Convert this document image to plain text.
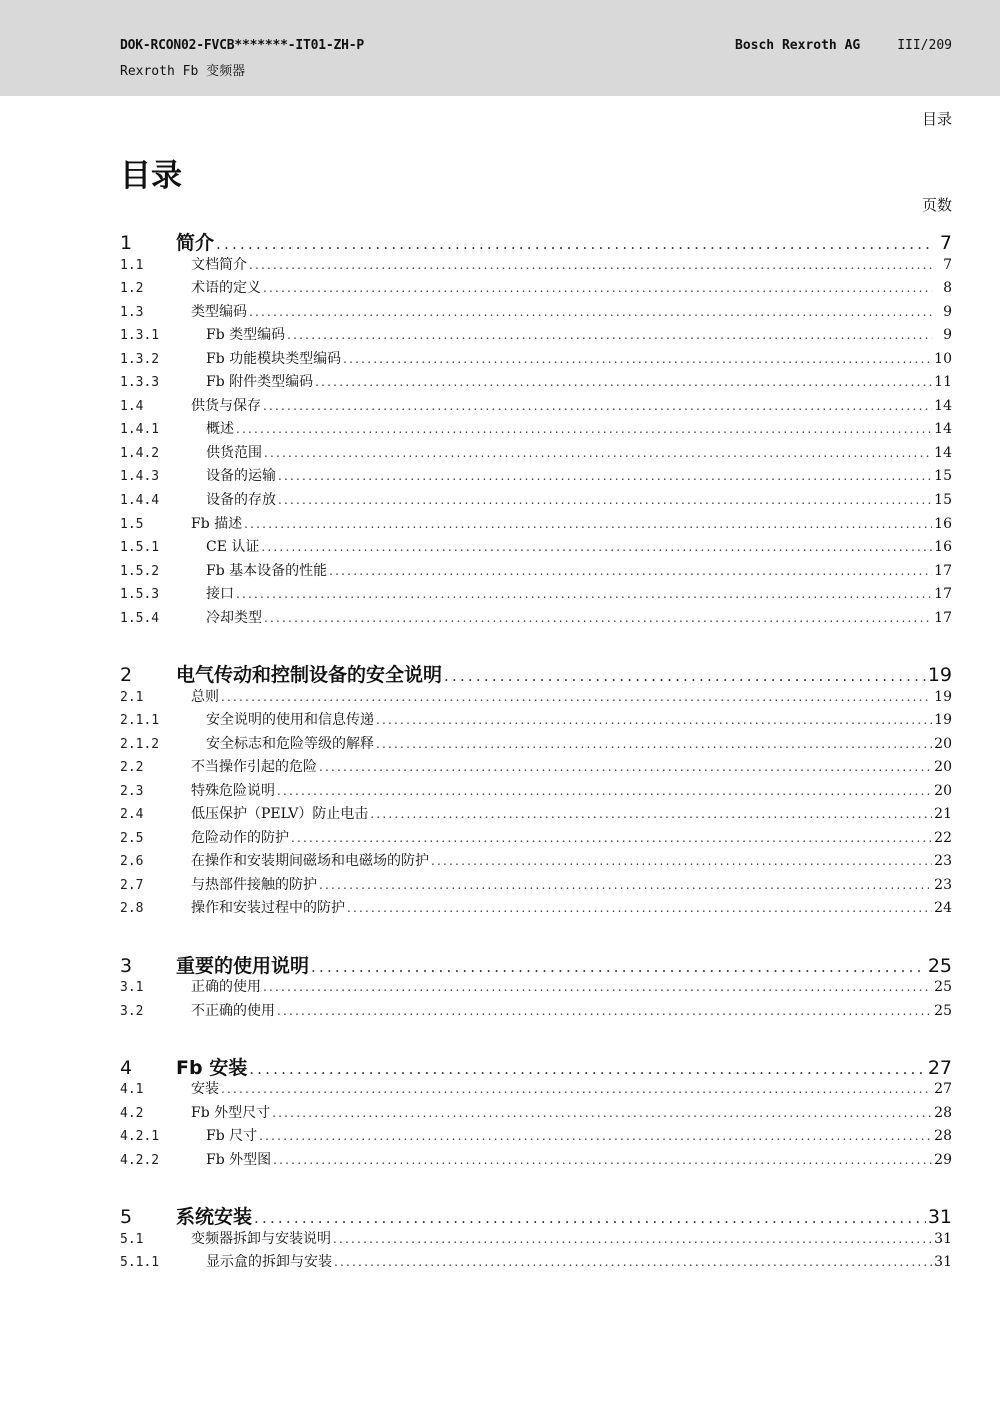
DOK-RCON02-FVCB*******-IT01-ZH-P
Rexroth Fb 变频器
Bosch Rexroth AG	III/209
目录
目录
页数
1	简介 .....	7
1.1	文档简介 .....	7
1.2	术语的定义 .....	8
1.3	类型编码 .....	9
1.3.1	Fb 类型编码 .....	9
1.3.2	Fb 功能模块类型编码 .....	10
1.3.3	Fb 附件类型编码 .....	11
1.4	供货与保存 .....	14
1.4.1	概述 .....	14
1.4.2	供货范围 .....	14
1.4.3	设备的运输 .....	15
1.4.4	设备的存放 .....	15
1.5	Fb 描述 .....	16
1.5.1	CE 认证 .....	16
1.5.2	Fb 基本设备的性能 .....	17
1.5.3	接口 .....	17
1.5.4	冷却类型 .....	17
2	电气传动和控制设备的安全说明 .....	19
2.1	总则 .....	19
2.1.1	安全说明的使用和信息传递 .....	19
2.1.2	安全标志和危险等级的解释 .....	20
2.2	不当操作引起的危险 .....	20
2.3	特殊危险说明 .....	20
2.4	低压保护（PELV）防止电击 .....	21
2.5	危险动作的防护 .....	22
2.6	在操作和安装期间磁场和电磁场的防护 .....	23
2.7	与热部件接触的防护 .....	23
2.8	操作和安装过程中的防护 .....	24
3	重要的使用说明 .....	25
3.1	正确的使用 .....	25
3.2	不正确的使用 .....	25
4	Fb 安装 .....	27
4.1	安装 .....	27
4.2	Fb 外型尺寸 .....	28
4.2.1	Fb 尺寸 .....	28
4.2.2	Fb 外型图 .....	29
5	系统安装 .....	31
5.1	变频器拆卸与安装说明 .....	31
5.1.1	显示盒的拆卸与安装 .....	31
